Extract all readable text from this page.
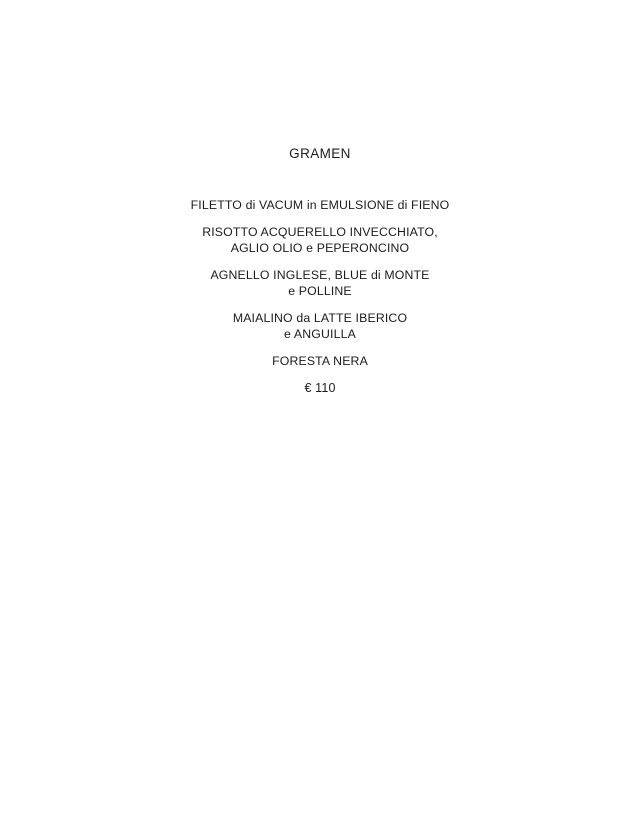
GRAMEN
FILETTO di VACUM in EMULSIONE di FIENO
RISOTTO ACQUERELLO INVECCHIATO,
AGLIO OLIO e PEPERONCINO
AGNELLO INGLESE, BLUE di MONTE
e POLLINE
MAIALINO da LATTE IBERICO
e ANGUILLA
FORESTA NERA
€ 110
